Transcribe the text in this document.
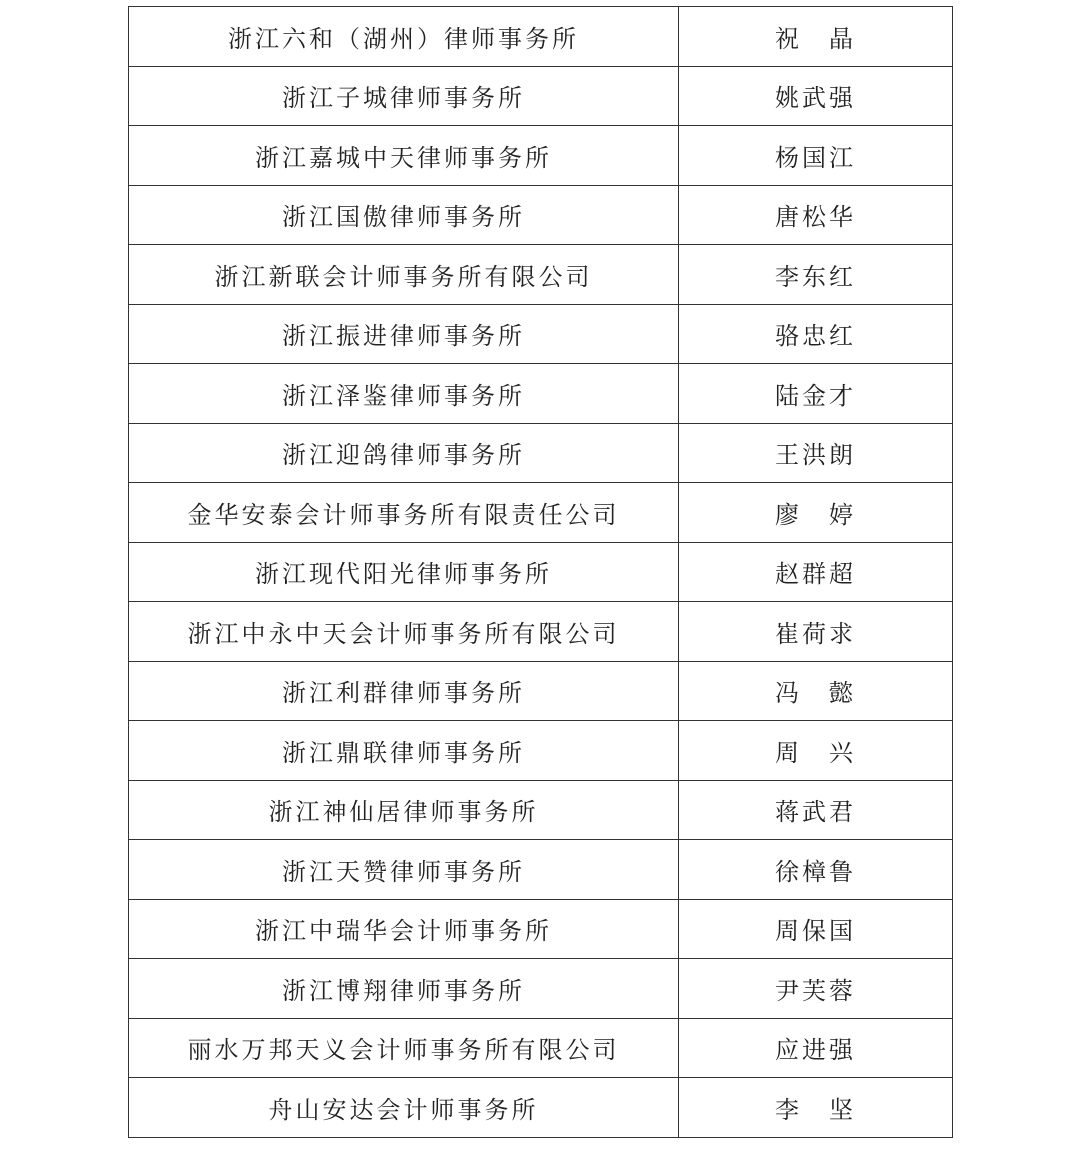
浙江六和（湖州）律师事务所	祝　晶
浙江子城律师事务所	姚武强
浙江嘉城中天律师事务所	杨国江
浙江国傲律师事务所	唐松华
浙江新联会计师事务所有限公司	李东红
浙江振进律师事务所	骆忠红
浙江泽鉴律师事务所	陆金才
浙江迎鸽律师事务所	王洪朗
金华安泰会计师事务所有限责任公司	廖　婷
浙江现代阳光律师事务所	赵群超
浙江中永中天会计师事务所有限公司	崔荷求
浙江利群律师事务所	冯　懿
浙江鼎联律师事务所	周　兴
浙江神仙居律师事务所	蒋武君
浙江天赞律师事务所	徐樟鲁
浙江中瑞华会计师事务所	周保国
浙江博翔律师事务所	尹芙蓉
丽水万邦天义会计师事务所有限公司	应进强
舟山安达会计师事务所	李　坚
